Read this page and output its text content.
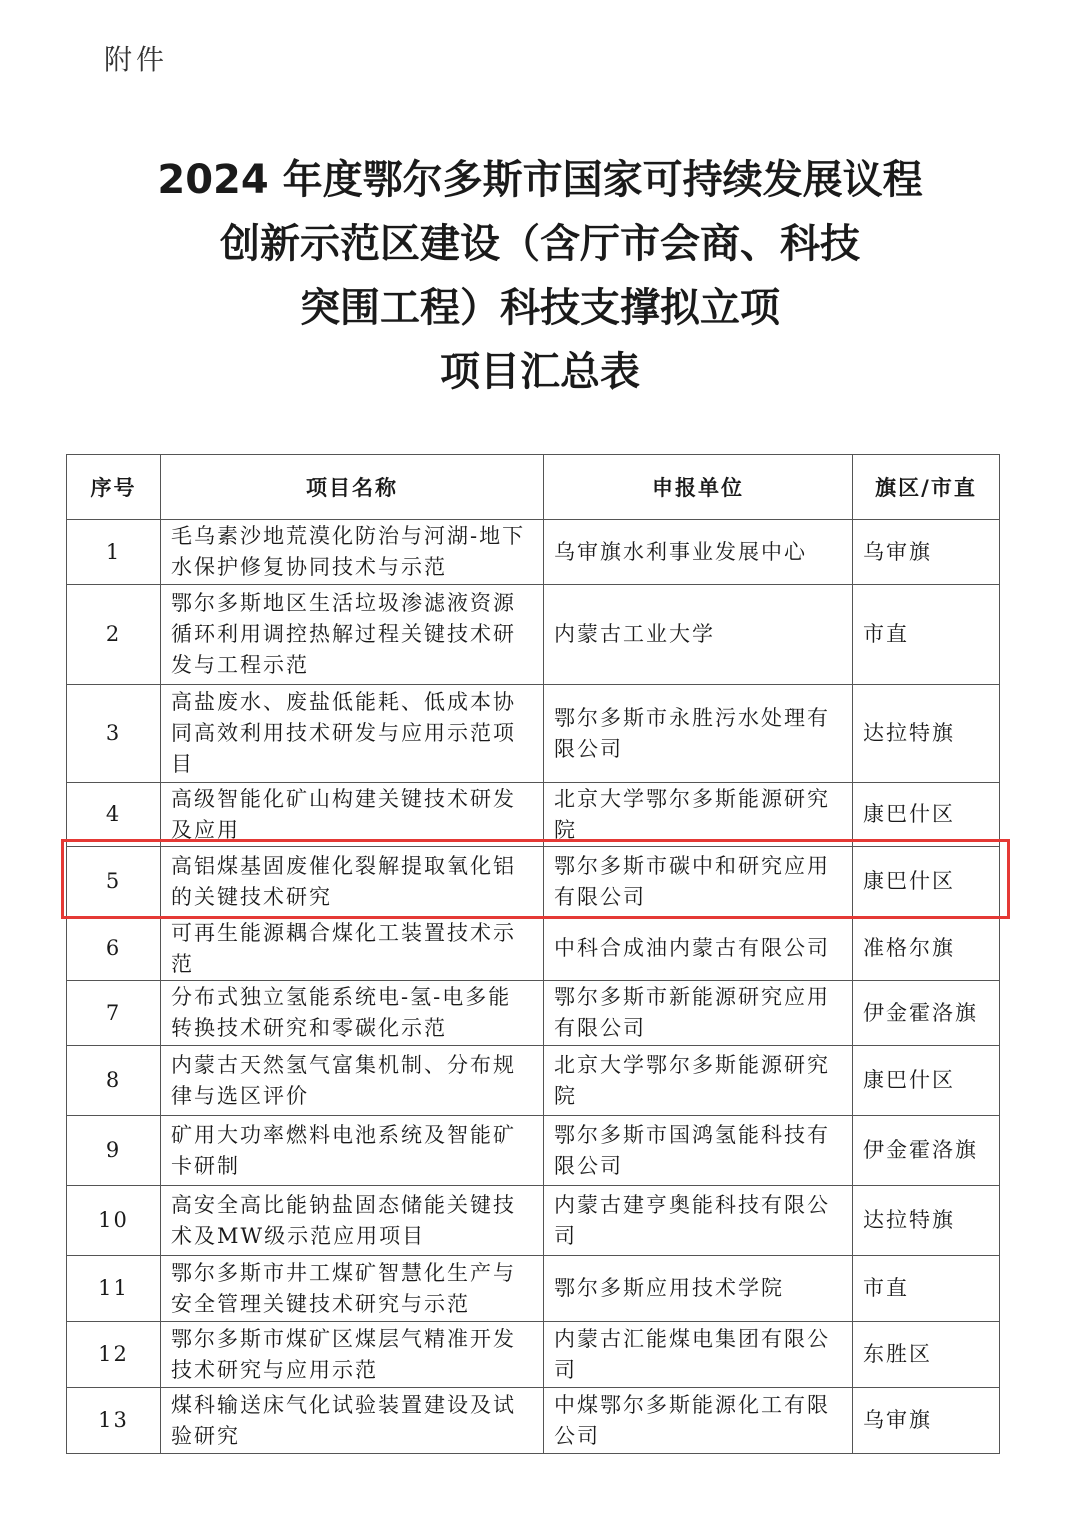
附件
2024 年度鄂尔多斯市国家可持续发展议程
创新示范区建设（含厅市会商、科技
突围工程）科技支撑拟立项
项目汇总表
序号	项目名称	申报单位	旗区/市直
1	毛乌素沙地荒漠化防治与河湖-地下水保护修复协同技术与示范	乌审旗水利事业发展中心	乌审旗
2	鄂尔多斯地区生活垃圾渗滤液资源循环利用调控热解过程关键技术研发与工程示范	内蒙古工业大学	市直
3	高盐废水、废盐低能耗、低成本协同高效利用技术研发与应用示范项目	鄂尔多斯市永胜污水处理有限公司	达拉特旗
4	高级智能化矿山构建关键技术研发及应用	北京大学鄂尔多斯能源研究院	康巴什区
5	高铝煤基固废催化裂解提取氧化铝的关键技术研究	鄂尔多斯市碳中和研究应用有限公司	康巴什区
6	可再生能源耦合煤化工装置技术示范	中科合成油内蒙古有限公司	准格尔旗
7	分布式独立氢能系统电-氢-电多能转换技术研究和零碳化示范	鄂尔多斯市新能源研究应用有限公司	伊金霍洛旗
8	内蒙古天然氢气富集机制、分布规律与选区评价	北京大学鄂尔多斯能源研究院	康巴什区
9	矿用大功率燃料电池系统及智能矿卡研制	鄂尔多斯市国鸿氢能科技有限公司	伊金霍洛旗
10	高安全高比能钠盐固态储能关键技术及MW级示范应用项目	内蒙古建亨奥能科技有限公司	达拉特旗
11	鄂尔多斯市井工煤矿智慧化生产与安全管理关键技术研究与示范	鄂尔多斯应用技术学院	市直
12	鄂尔多斯市煤矿区煤层气精准开发技术研究与应用示范	内蒙古汇能煤电集团有限公司	东胜区
13	煤科输送床气化试验装置建设及试验研究	中煤鄂尔多斯能源化工有限公司	乌审旗
